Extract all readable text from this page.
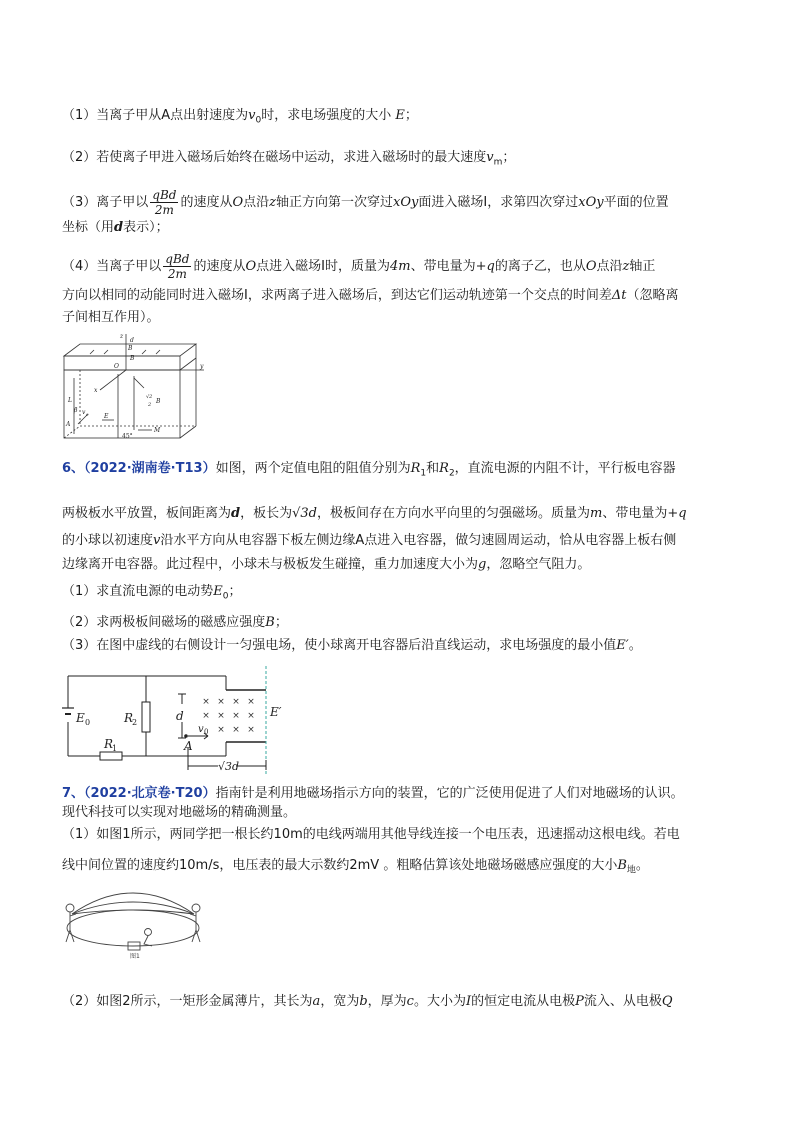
（1）当离子甲从A点出射速度为$v_0$时，求电场强度的大小 E；
（2）若使离子甲进入磁场后始终在磁场中运动，求进入磁场时的最大速度$v_m$；
（3）离子甲以 $\frac{\text{qBd}}{2m}$ 的速度从O点沿z轴正方向第一次穿过xOy面进入磁场Ⅰ，求第四次穿过xOy平面的位置
坐标（用d表示）；
（4）当离子甲以 $\frac{\text{qBd}}{2m}$ 的速度从O点进入磁场Ⅰ时，质量为4m、带电量为+q的离子乙，也从O点沿z轴正
方向以相同的动能同时进入磁场Ⅰ，求两离子进入磁场后，到达它们运动轨迹第一个交点的时间差Δt（忽略离
子间相互作用）。
z
d
B
B
O	y
x
L
β
A
v 0	E
√2
2 B
M
45°
6、（2022·湖南卷·T13）如图，两个定值电阻的阻值分别为$R_1$和$R_2$，直流电源的内阻不计，平行板电容器
两极板水平放置，板间距离为d，板长为√3d，极板间存在方向水平向里的匀强磁场。质量为m、带电量为+q
的小球以初速度v沿水平方向从电容器下板左侧边缘A点进入电容器，做匀速圆周运动，恰从电容器上板右侧
边缘离开电容器。此过程中，小球未与极板发生碰撞，重力加速度大小为g，忽略空气阻力。
（1）求直流电源的电动势$E_0$；
（2）求两极板间磁场的磁感应强度B；
（3）在图中虚线的右侧设计一匀强电场，使小球离开电容器后沿直线运动，求电场强度的最小值E′。
× × × ×
× × × ×
× × ×
E 0	R
2
R
1
d
v 0
A
E′
√3d
7、（2022·北京卷·T20）指南针是利用地磁场指示方向的装置，它的广泛使用促进了人们对地磁场的认识。
现代科技可以实现对地磁场的精确测量。
（1）如图1所示，两同学把一根长约10m的电线两端用其他导线连接一个电压表，迅速摇动这根电线。若电
线中间位置的速度约10m/s，电压表的最大示数约2mV 。粗略估算该处地磁场磁感应强度的大小$B_地$。
图1
（2）如图2所示，一矩形金属薄片，其长为a，宽为b，厚为c。大小为I的恒定电流从电极P流入、从电极Q
